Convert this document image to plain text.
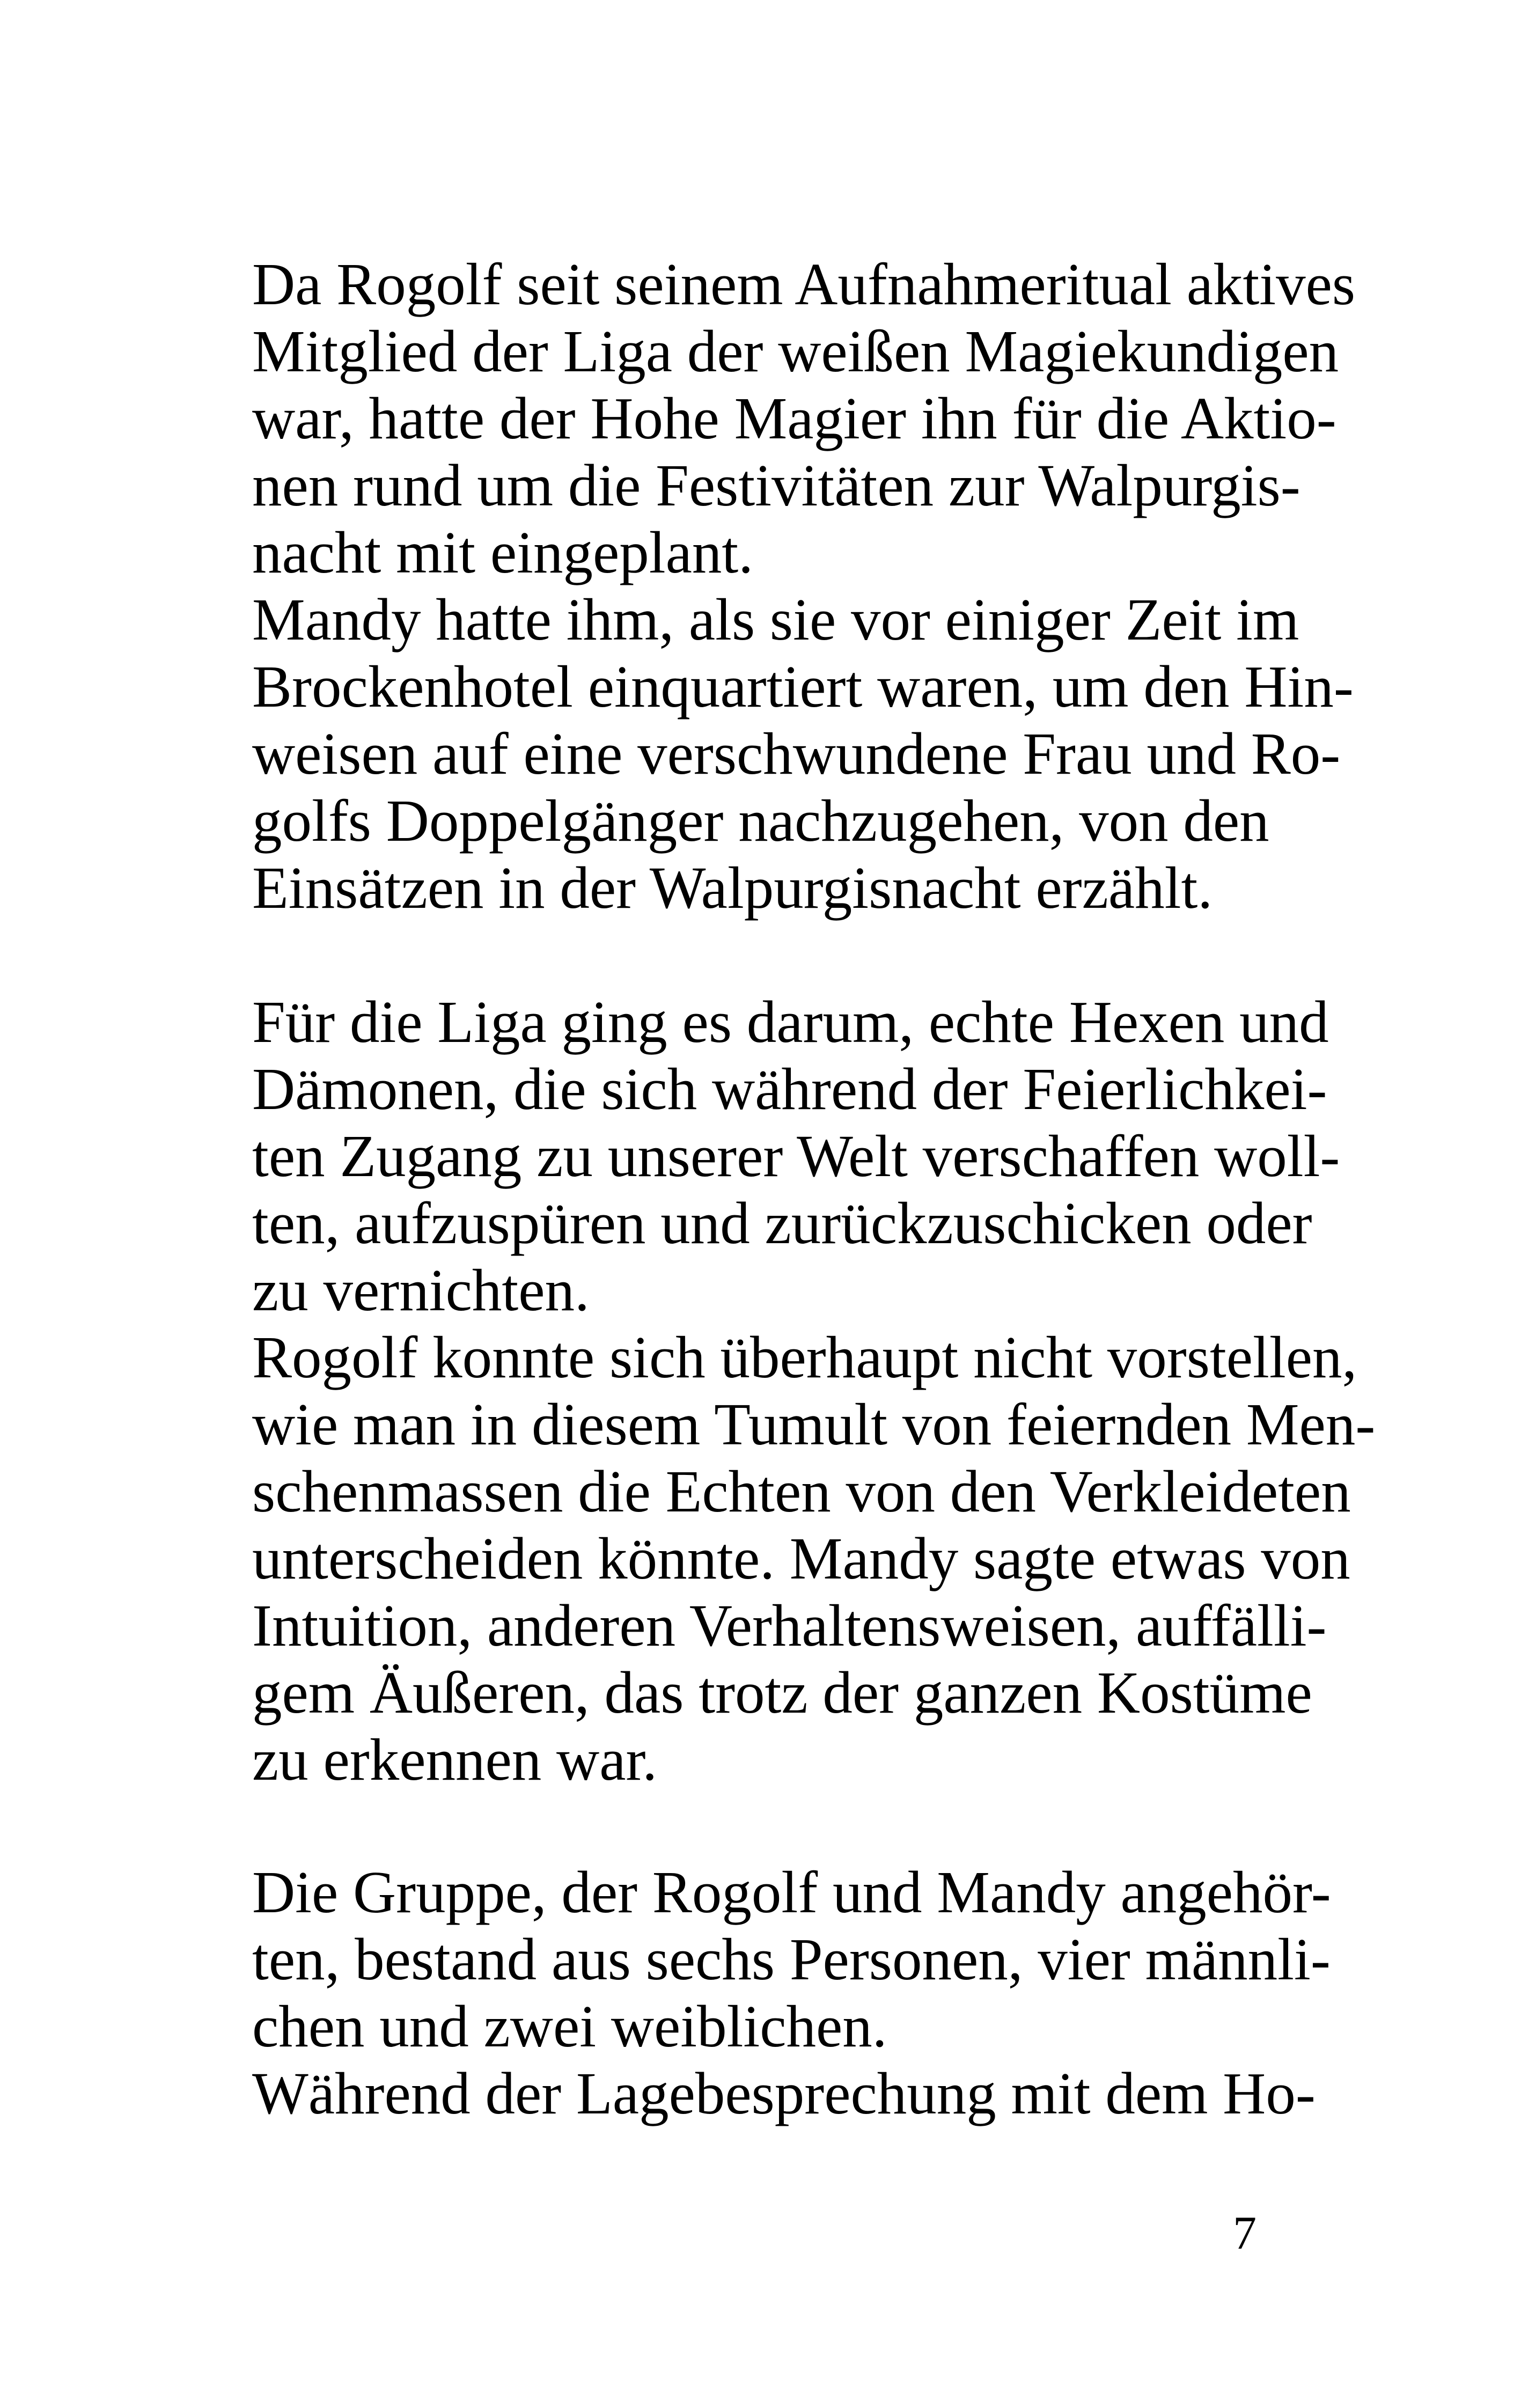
Da Rogolf seit seinem Aufnahmeritual aktives
Mitglied der Liga der weißen Magiekundigen
war, hatte der Hohe Magier ihn für die Aktio-
nen rund um die Festivitäten zur Walpurgis-
nacht mit eingeplant.
Mandy hatte ihm, als sie vor einiger Zeit im
Brockenhotel einquartiert waren, um den Hin-
weisen auf eine verschwundene Frau und Ro-
golfs Doppelgänger nachzugehen, von den
Einsätzen in der Walpurgisnacht erzählt.
Für die Liga ging es darum, echte Hexen und
Dämonen, die sich während der Feierlichkei-
ten Zugang zu unserer Welt verschaffen woll-
ten, aufzuspüren und zurückzuschicken oder
zu vernichten.
Rogolf konnte sich überhaupt nicht vorstellen,
wie man in diesem Tumult von feiernden Men-
schenmassen die Echten von den Verkleideten
unterscheiden könnte. Mandy sagte etwas von
Intuition, anderen Verhaltensweisen, auffälli-
gem Äußeren, das trotz der ganzen Kostüme
zu erkennen war.
Die Gruppe, der Rogolf und Mandy angehör-
ten, bestand aus sechs Personen, vier männli-
chen und zwei weiblichen.
Während der Lagebesprechung mit dem Ho-
7
